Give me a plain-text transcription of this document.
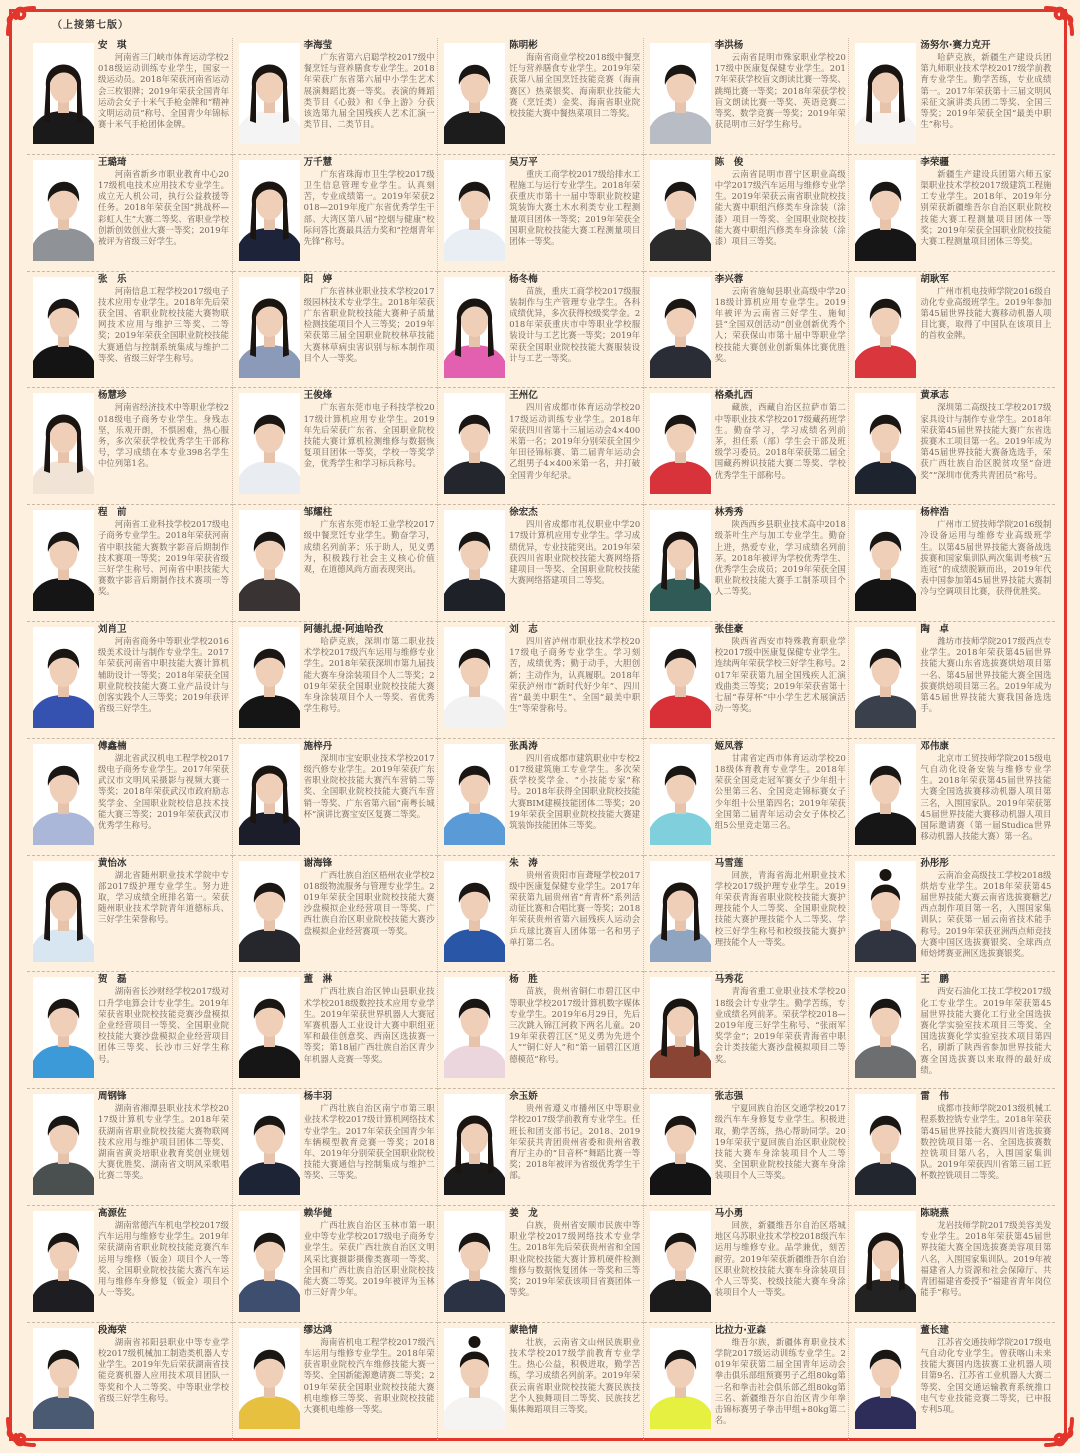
（上接第七版）
安　琪
河南省三门峡市体育运动学校2018级运动训练专业学生，国家一级运动员。2018年荣获河南省运动会三枚银牌；2019年荣获全国青年运动会女子十米气手枪金牌和“精神文明运动员”称号、全国青少年锦标赛十米气手枪团体金牌。
李海莹
广东省第六启聪学校2017级中餐烹饪与营养膳食专业学生。2018年荣获广东省第六届中小学生艺术展演舞蹈比赛一等奖。表演的舞蹈类节目《心鼓》和《争上游》分获该选第九届全国残疾人艺术汇演一类节目、二类节目。
陈明彬
海南省商业学校2018级中餐烹饪与营养膳食专业学生。2019年荣获第八届全国烹饪技能竞赛（海南赛区）热菜银奖、海南职业技能大赛（烹饪类）金奖、海南省职业院校技能大赛中餐热菜项目二等奖。
李洪杨
云南省昆明市殊家职业学校2017级中医康复保健专业学生。2017年荣获学校盲文朗读比赛一等奖、跳绳比赛一等奖；2018年荣获学校盲文朗读比赛一等奖、英语竞赛二等奖、数学竞赛一等奖；2019年荣获昆明市三好学生称号。
汤努尔·赛力克开
哈萨克族，新疆生产建设兵团第九师职业技术学校2017级学前教育专业学生。勤学苦练，专业成绩第一。2017年荣获第十三届文明风采征文演讲类兵团二等奖、全国三等奖；2019年荣获全国“最美中职生”称号。
王璐琦
河南省新乡市职业教育中心2017级机电技术应用技术专业学生。成立无人机公司，执行公益救援等任务。2018年荣获全国“挑战杯—彩虹人生”大赛二等奖、省职业学校创新创效创业大赛一等奖；2019年被评为省级三好学生。
万千慧
广东省珠海市卫生学校2017级卫生信息管理专业学生。认真刻苦，专业成绩第一。2019年荣获2018—2019年度广东省优秀学生干部、大湾区第八届“控烟与健康”校际问答比赛最具活力奖和“控烟青年先锋”称号。
吴万平
重庆工商学校2017级给排水工程施工与运行专业学生。2018年荣获重庆市第十一届中等职业院校建筑装饰大赛土木水利类专业工程测量项目团体一等奖；2019年荣获全国职业院校技能大赛工程测量项目团体一等奖。
陈　俊
云南省昆明市晋宁区职业高级中学2017级汽车运用与维修专业学生。2019年荣获云南省职业院校技能大赛中职组汽修类车身涂装（涂漆）项目一等奖、全国职业院校技能大赛中职组汽修类车身涂装（涂漆）项目三等奖。
李荣疆
新疆生产建设兵团第六师五家渠职业技术学校2017级建筑工程施工专业学生。2018年、2019年分别荣获新疆维吾尔自治区职业院校技能大赛工程测量项目团体一等奖；2019年荣获全国职业院校技能大赛工程测量项目团体三等奖。
张　乐
河南信息工程学校2017级电子技术应用专业学生。2018年先后荣获全国、省职业院校技能大赛物联网技术应用与维护三等奖、二等奖；2019年荣获全国职业院校技能大赛通信与控制系统集成与维护二等奖、省级三好学生称号。
阳　婷
广东省林业职业技术学校2017级园林技术专业学生。2018年荣获广东省职业院校技能大赛种子质量检测技能项目个人三等奖；2019年荣获第三届全国职业院校林草技能大赛林草病虫害识别与标本制作项目个人一等奖。
杨冬梅
苗族，重庆工商学校2017级服装制作与生产管理专业学生。各科成绩优异，多次获得校级奖学金。2018年荣获重庆市中等职业学校服装设计与工艺比赛一等奖；2019年荣获全国职业院校技能大赛服装设计与工艺一等奖。
李兴蓉
云南省施甸县职业高级中学2018级计算机应用专业学生。2019年被评为云南省三好学生、施甸县“全国双创活动”创业创新优秀个人；荣获保山市第十届中等职业学校技能大赛创业创新集体比赛优胜奖。
胡耿军
广州市机电技师学院2016级自动化专业高级班学生。2019年参加第45届世界技能大赛移动机器人项目比赛，取得了中国队在该项目上的首枚金牌。
杨慧珍
河南省经济技术中等职业学校2018级电子商务专业学生。身残志坚，乐观开朗，不惧困难，热心服务，多次荣获学校优秀学生干部称号，学习成绩在本专业398名学生中位列第1名。
王俊烽
广东省东莞市电子科技学校2017级计算机应用专业学生。2019年先后荣获广东省、全国职业院校技能大赛计算机检测维修与数据恢复项目团体一等奖，学校一等奖学金，优秀学生和学习标兵称号。
王州亿
四川省成都市体育运动学校2017级运动训练专业学生。2018年荣获四川省第十三届运动会4×400米第一名；2019年分别荣获全国少年田径锦标赛、第二届青年运动会乙组男子4×400米第一名，并打破全国青少年纪录。
格桑扎西
藏族，西藏自治区拉萨市第二中等职业技术学校2017级藏药班学生。勤奋学习，学习成绩名列前茅，担任系（部）学生会干部及班级学习委员。2018年荣获第二届全国藏药辨识技能大赛二等奖、学校优秀学生干部称号。
黄承志
深圳第二高级技工学校2017级家具设计与制作专业学生。2018年荣获第45届世界技能大赛广东省选拔赛木工项目第一名。2019年成为第45届世界技能大赛备选选手，荣获广西壮族自治区脱贫攻坚“奋进奖”“深圳市优秀共青团员”称号。
程　前
河南省工业科技学校2017级电子商务专业学生。2018年荣获河南省中职技能大赛数字影音后期制作技术赛项一等奖；2019年荣获省级三好学生称号、河南省中职技能大赛数字影音后期制作技术赛项一等奖。
邹耀柱
广东省东莞市轻工业学校2017级中餐烹饪专业学生。勤奋学习，成绩名列前茅；乐于助人，见义勇为，积极践行社会主义核心价值观，在道德风尚方面表现突出。
徐宏杰
四川省成都市礼仪职业中学2017级计算机应用专业学生。学习成绩优异，专业技能突出。2019年荣获四川省职业院校技能大赛网络搭建项目一等奖、全国职业院校技能大赛网络搭建项目二等奖。
林秀秀
陕西西乡县职业技术高中2018级茶叶生产与加工专业学生。勤奋上进，热爱专业，学习成绩名列前茅。2018年被评为学校优秀学生、优秀学生会成员；2019年荣获全国职业院校技能大赛手工制茶项目个人二等奖。
杨梓浩
广州市工贸技师学院2016级制冷设备运用与维修专业高级班学生。以第45届世界技能大赛备战选拔赛和国家集训队两次集训考核“五连冠”的成绩脱颖而出，2019年代表中国参加第45届世界技能大赛制冷与空调项目比赛，获得优胜奖。
刘肖卫
河南省商务中等职业学校2016级美术设计与制作专业学生。2017年荣获河南省中职技能大赛计算机辅助设计一等奖；2018年荣获全国职业院校技能大赛工业产品设计与创客实践个人三等奖；2019年获评省级三好学生。
阿德扎提·阿迪哈孜
哈萨克族，深圳市第二职业技术学校2017级汽车运用与维修专业学生。2018年荣获深圳市第九届技能大赛车身涂装项目个人二等奖；2019年荣获全国职业院校技能大赛车身涂装项目个人一等奖、省优秀学生称号。
刘　志
四川省泸州市职业技术学校2017级电子商务专业学生。学习刻苦，成绩优秀；勤于动手，大胆创新；主动作为，认真履职。2018年荣获泸州市“新时代好少年”、四川省“最美中职生”、全国“最美中职生”等荣誉称号。
张佳豪
陕西省西安市特殊教育职业学校2017级中医康复保健专业学生。连续两年荣获学校三好学生称号。2017年荣获第九届全国残疾人汇演戏曲类三等奖；2019年荣获省第十七届“春芽杯”中小学生艺术展演活动一等奖。
陶　卓
潍坊市技师学院2017级西点专业学生。2018年荣获第45届世界技能大赛山东省选拔赛烘焙项目第一名、第45届世界技能大赛全国选拔赛烘焙项目第三名。2019年成为第45届世界技能大赛我国备选选手。
傅鑫楠
湖北省武汉机电工程学校2017级电子商务专业学生。2017年荣获武汉市文明风采摄影与视频大赛一等奖；2018年荣获武汉市政府励志奖学金、全国职业院校信息技术技能大赛三等奖；2019年荣获武汉市优秀学生称号。
施梓丹
深圳市宝安职业技术学校2017级汽修专业学生。2019年荣获广东省职业院校技能大赛汽车营销二等奖、全国职业院校技能大赛汽车营销一等奖、广东省第六届“南粤长城杯”演讲比赛宝安区复赛二等奖。
张禹涛
四川省成都市建筑职业中专校2017级建筑施工专业学生。多次荣获学校奖学金、“小技能专家”称号。2018年获得全国职业院校技能大赛BIM建模技能团体二等奖；2019年荣获全国职业院校技能大赛建筑装饰技能团体三等奖。
姬凤蓉
甘肃省定西市体育运动学校2018级体育教育专业学生。2018年荣获全国竞走冠军赛女子少年组十公里第三名、全国竞走锦标赛女子少年组十公里第四名；2019年荣获全国第二届青年运动会女子体校乙组5公里竞走第三名。
邓伟康
北京市工贸技师学院2015级电气自动化设备安装与维修专业学生。2018年荣获第45届世界技能大赛全国选拔赛移动机器人项目第三名，入围国家队。2019年荣获第45届世界技能大赛移动机器人项目国际邀请赛（第一届Studica世界移动机器人技能大赛）第一名。
黄怡冰
湖北省随州职业技术学院中专部2017级护理专业学生。努力进取，学习成绩全班排名第一。荣获随州职业技术学院青年道德标兵、三好学生荣誉称号。
谢海锋
广西壮族自治区梧州农业学校2018级物流服务与管理专业学生。2019年荣获全国职业院校技能大赛沙盘模拟企业经营项目一等奖、广西壮族自治区职业院校技能大赛沙盘模拟企业经营赛项一等奖。
朱　涛
贵州省贵阳市盲聋哑学校2017级中医康复保健专业学生。2017年荣获第九届贵州省“育青杯”系列活动征比赛和合唱比赛一等奖；2018年荣获贵州省第六届残疾人运动会乒乓球比赛盲人团体第一名和男子单打第二名。
马雪莲
回族，青海省海北州职业技术学校2017级护理专业学生。2019年荣获青海省职业院校技能大赛护理技能个人二等奖、全国职业院校技能大赛护理技能个人二等奖、学校三好学生称号和校级技能大赛护理技能个人一等奖。
孙彤彤
云南冶金高级技工学校2018级烘焙专业学生。2018年荣获第45届世界技能大赛云南省选拔赛糖艺/西点制作项目第一名，入围国家集训队；荣获第一届云南省技术能手称号。2019年荣获亚洲西点师竞技大赛中国区选拔赛银奖、全球西点师焙烤赛亚洲区选拔赛银奖。
贺　磊
湖南省长沙财经学校2017级对口升学电算会计专业学生。2019年荣获省职业院校技能竞赛沙盘模拟企业经营项目一等奖、全国职业院校技能大赛沙盘模拟企业经营项目团体三等奖、长沙市三好学生称号。
董　淋
广西壮族自治区钟山县职业技术学校2018级数控技术应用专业学生。2019年荣获世界机器人大赛冠军赛机器人工业设计大赛中职组亚军和最佳创意奖、西南区选拔赛一等奖；第18届广西壮族自治区青少年机器人竞赛一等奖。
杨　胜
苗族，贵州省铜仁市碧江区中等职业学校2017级计算机数字媒体专业学生。2019年6月29日，先后三次跳入锦江河救下两名儿童。2019年荣获碧江区“见义勇为先进个人”“铜仁好人”和“第一届碧江区道德模范”称号。
马秀花
青海省重工业职业技术学校2018级会计专业学生。勤学苦练，专业成绩名列前茅。荣获学校2018—2019年度三好学生称号、“张雨军奖学金”；2019年荣获青海省中职会计类技能大赛沙盘模拟项目二等奖。
王　鹏
西安石油化工技工学校2017级化工专业学生。2019年荣获第45届世界技能大赛化工行业全国选拔赛化学实验室技术项目三等奖、全国选拔赛化学实验室技术项目第四名，刷新了陕西省参加世界技能大赛全国选拔赛以来取得的最好成绩。
周钢锋
湖南省湘潭县职业技术学校2017级计算机专业学生。2018年荣获湖南省职业院校技能大赛物联网技术应用与维护项目团体二等奖、湖南省黄炎培职业教育奖创业规划大赛优胜奖、湖南省文明风采歌唱比赛二等奖。
杨丰羽
广西壮族自治区南宁市第三职业技术学校2017级计算机网络技术专业学生。2017年荣获全国青少年车辆模型教育竞赛一等奖；2018年、2019年分别荣获全国职业院校技能大赛通信与控制集成与维护二等奖、三等奖。
佘玉娇
贵州省遵义市播州区中等职业学校2017级学前教育专业学生。任班长和团支部书记。2018、2019年荣获共青团贵州省委和贵州省教育厅主办的“目音杯”舞蹈比赛一等奖；2018年被评为省级优秀学生干部。
张志强
宁夏回族自治区交通学校2017级汽车车身修复专业学生。积极进取，勤学苦练，热心帮助同学。2019年荣获宁夏回族自治区职业院校技能大赛车身涂装项目个人二等奖、全国职业院校技能大赛车身涂装项目个人三等奖。
雷　伟
成都市技师学院2013级机械工程系数控铣专业学生。2018年荣获第45届世界技能大赛四川省选拔赛数控铣项目第一名、全国选拔赛数控铣项目第八名，入围国家集训队。2019年荣获四川省第三届工匠杯数控铣项目二等奖。
高源佐
湖南常德汽车机电学校2017级汽车运用与维修专业学生。2019年荣获湖南省职业院校技能竞赛汽车运用与维修（钣金）项目个人一等奖、全国职业院校技能大赛汽车运用与维修车身修复（钣金）项目个人一等奖。
赖华健
广西壮族自治区玉林市第一职业中等专业学校2017级电子商务专业学生。荣获广西壮族自治区文明风采比赛摄影摄像类赛项一等奖、全国和广西壮族自治区职业院校技能大赛二等奖。2019年被评为玉林市三好青少年。
姜　龙
白族，贵州省安顺市民族中等职业学校2017级网络技术专业学生。2018年先后荣获贵州省和全国职业院校技能大赛计算机硬件检测维修与数据恢复团体一等奖和三等奖；2019年荣获该项目省赛团体一等奖。
马小勇
回族，新疆维吾尔自治区塔城地区乌苏职业技术学校2018级汽车运用与维修专业。品学兼优，刻苦耐劳。2019年荣获新疆维吾尔自治区职业院校技能大赛车身涂装项目个人三等奖、校级技能大赛车身涂装项目个人一等奖。
陈晓燕
龙岩技师学院2017级美容美发专业学生。2018年荣获第45届世界技能大赛全国选拔赛美容项目第八名，入围国家集训队。2019年被福建省人力资源和社会保障厅、共青团福建省委授予“福建省青年岗位能手”称号。
段海荣
湖南省祁阳县职业中等专业学校2017级机械加工制造类机器人专业学生。2019年先后荣获湖南省技能竞赛机器人应用技术项目团队一等奖和个人二等奖、中等职业学校省级三好学生称号。
缪达鸿
海南省机电工程学校2017级汽车运用与维修专业学生。2018年荣获省职业院校汽车维修技能大赛一等奖、全国新能源邀请赛二等奖；2019年荣获全国职业院校技能大赛机电维修三等奖、省职业院校技能大赛机电维修一等奖。
蒙艳情
壮族，云南省文山州民族职业技术学校2017级学前教育专业学生。热心公益，积极进取，勤学苦练，学习成绩名列前茅。2019年荣获云南省职业院校技能大赛民族技艺个人独舞项目二等奖、民族技艺集体舞蹈项目三等奖。
比拉力·亚森
维吾尔族，新疆体育职业技术学院2017级运动训练专业学生。2019年荣获第二届全国青年运动会拳击俱乐部组预赛男子乙组80kg第一名和拳击社会俱乐部乙组80kg第三名、新疆维吾尔自治区青少年拳击锦标赛男子拳击甲组+80kg第二名。
董长建
江苏省交通技师学院2017级电气自动化专业学生。曾获喀山未来技能大赛国内选拔赛工业机器人项目第9名、江苏省工业机器人大赛二等奖、全国交通运输教育系统推口电气专业技能竞赛二等奖，已申报专利5项。
